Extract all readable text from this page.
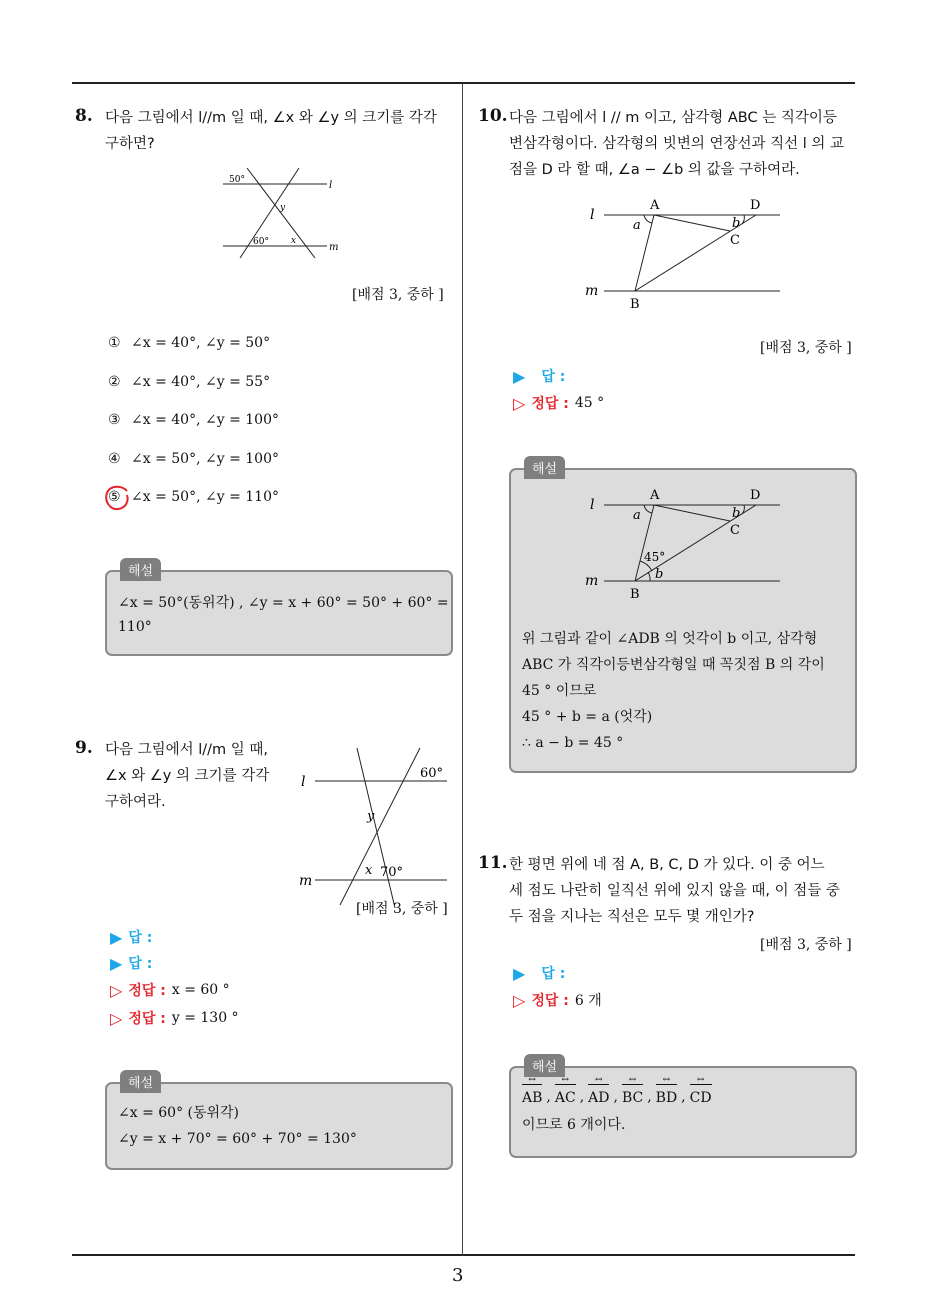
3
8. 다음 그림에서 l//m 일 때, ∠x 와 ∠y 의 크기를 각각
구하면?
50°
60°
y
x
l
m
[배점 3, 중하 ]
① ∠x = 40°, ∠y = 50°
② ∠x = 40°, ∠y = 55°
③ ∠x = 40°, ∠y = 100°
④ ∠x = 50°, ∠y = 100°
⑤ ∠x = 50°, ∠y = 110°
해설
∠x = 50°(동위각) , ∠y = x + 60° = 50° + 60° =
110°
9. 다음 그림에서 l//m 일 때,
∠x 와 ∠y 의 크기를 각각
구하여라.
60°
70°
y
x
l
m
[배점 3, 중하 ]
▶ 답 :
▶ 답 :
▷ 정답 : x = 60 °
▷ 정답 : y = 130 °
해설
∠x = 60° (동위각)
∠y = x + 70° = 60° + 70° = 130°
10. 다음 그림에서 l // m 이고, 삼각형 ABC 는 직각이등
변삼각형이다. 삼각형의 빗변의 연장선과 직선 l 의 교
점을 D 라 할 때, ∠a − ∠b 의 값을 구하여라.
A	D
C
B
a	b
l
m
[배점 3, 중하 ]
▶ 답 :
▷ 정답 : 45 °
해설
A	D
C
B
a	b
b
45°
l
m
위 그림과 같이 ∠ADB 의 엇각이 b 이고, 삼각형
ABC 가 직각이등변삼각형일 때 꼭짓점 B 의 각이
45 ° 이므로
45 ° + b = a (엇각)
∴ a − b = 45 °
11. 한 평면 위에 네 점 A, B, C, D 가 있다. 이 중 어느
세 점도 나란히 일직선 위에 있지 않을 때, 이 점들 중
두 점을 지나는 직선은 모두 몇 개인가?
[배점 3, 중하 ]
▶ 답 :
▷ 정답 : 6 개
해설
↔
AB ,
↔
AC ,
↔
AD ,
↔
BC ,
↔
BD ,
↔
CD
이므로 6 개이다.
